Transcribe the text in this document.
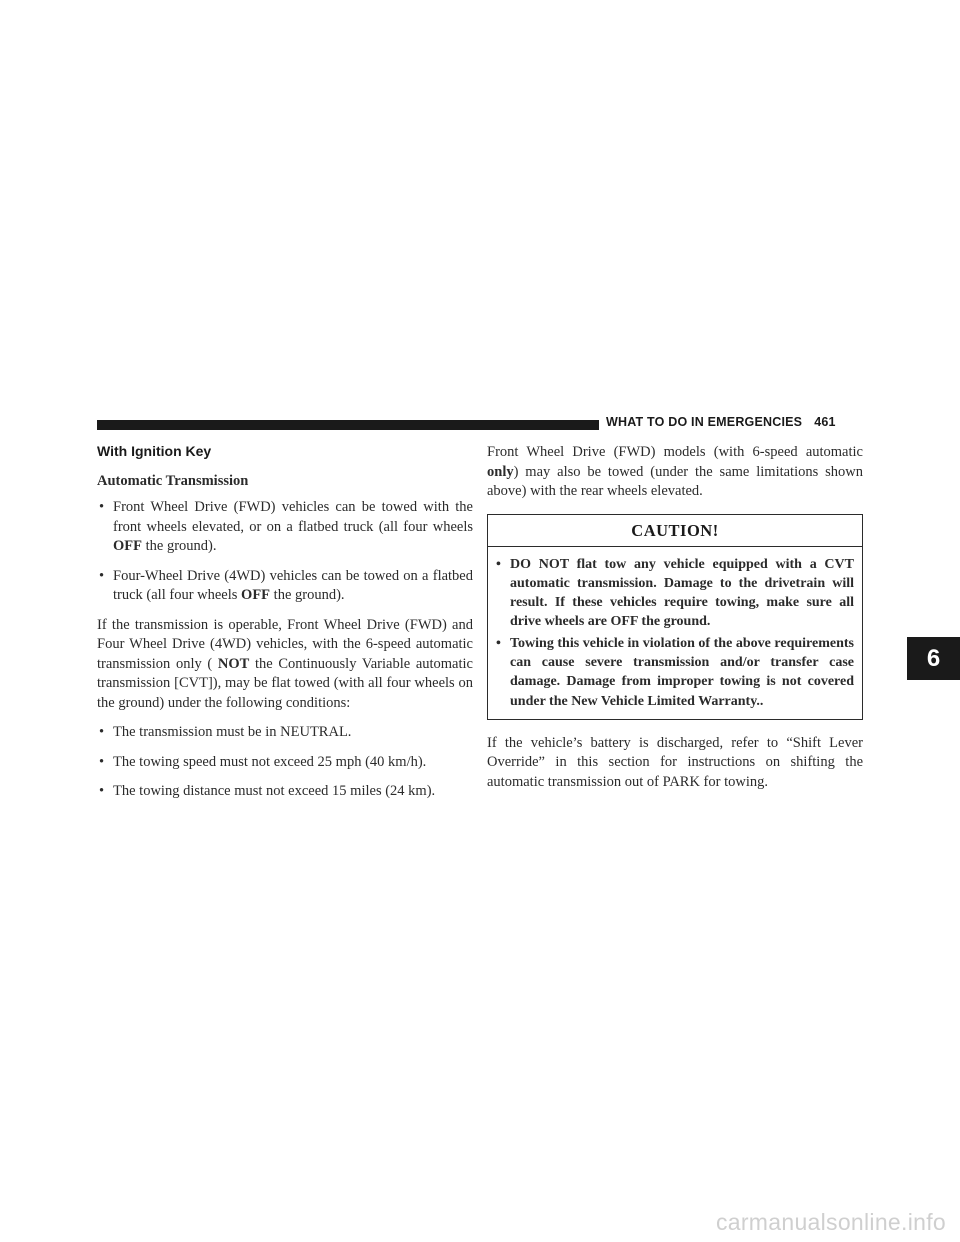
WHAT TO DO IN EMERGENCIES 461
With Ignition Key
Automatic Transmission
• Front Wheel Drive (FWD) vehicles can be towed with the front wheels elevated, or on a flatbed truck (all four wheels OFF the ground).
• Four-Wheel Drive (4WD) vehicles can be towed on a flatbed truck (all four wheels OFF the ground).

If the transmission is operable, Front Wheel Drive (FWD) and Four Wheel Drive (4WD) vehicles, with the 6-speed automatic transmission only ( NOT the Continuously Variable automatic transmission [CVT]), may be flat towed (with all four wheels on the ground) under the following conditions:

• The transmission must be in NEUTRAL.
• The towing speed must not exceed 25 mph (40 km/h).
• The towing distance must not exceed 15 miles (24 km).

Front Wheel Drive (FWD) models (with 6-speed automatic only) may also be towed (under the same limitations shown above) with the rear wheels elevated.

CAUTION!
• DO NOT flat tow any vehicle equipped with a CVT automatic transmission. Damage to the drivetrain will result. If these vehicles require towing, make sure all drive wheels are OFF the ground.
• Towing this vehicle in violation of the above requirements can cause severe transmission and/or transfer case damage. Damage from improper towing is not covered under the New Vehicle Limited Warranty..

If the vehicle’s battery is discharged, refer to “Shift Lever Override” in this section for instructions on shifting the automatic transmission out of PARK for towing.

6
carmanualsonline.info
